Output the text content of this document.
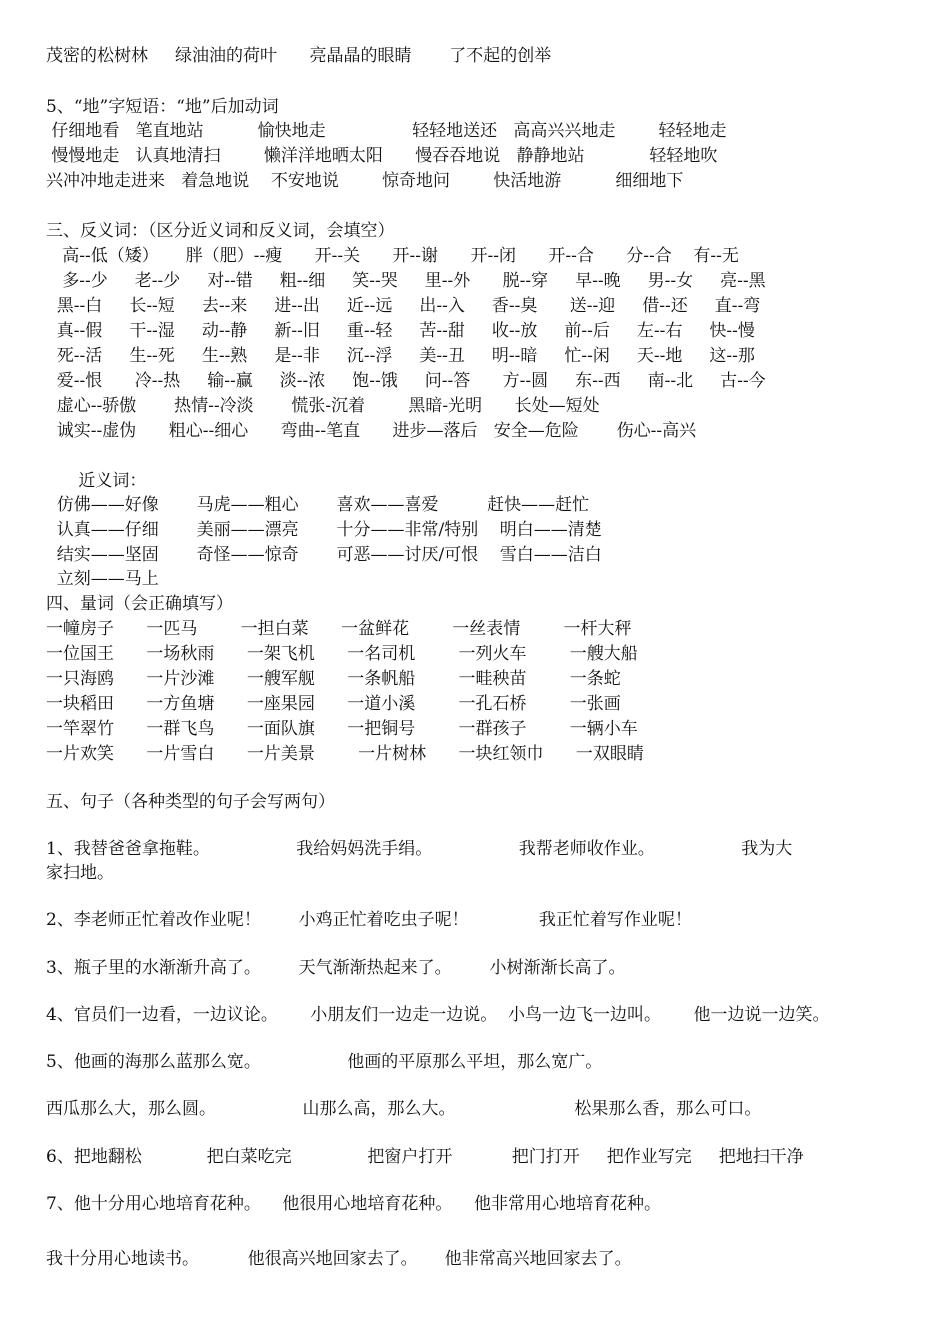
茂密的松树林     绿油油的荷叶      亮晶晶的眼睛       了不起的创举
5、“地”字短语：“地”后加动词
仔细地看   笔直地站          愉快地走                轻轻地送还   高高兴兴地走        轻轻地走
慢慢地走   认真地清扫        懒洋洋地晒太阳      慢吞吞地说   静静地站            轻轻地吹
兴冲冲地走进来   着急地说    不安地说        惊奇地问        快活地游          细细地下
三、反义词：（区分近义词和反义词，会填空）
高--低（矮）     胖（肥）--瘦      开--关      开--谢      开--闭      开--合      分--合    有--无
多--少     老--少     对--错     粗--细     笑--哭     里--外      脱--穿     早--晚     男--女     亮--黑
黑--白     长--短     去--来     进--出     近--远     出--入     香--臭      送--迎     借--还     直--弯
真--假     干--湿     动--静     新--旧     重--轻     苦--甜     收--放     前--后     左--右     快--慢
死--活     生--死     生--熟     是--非     沉--浮     美--丑     明--暗     忙--闲     天--地     这--那
爱--恨      冷--热     输--赢     淡--浓     饱--饿     问--答      方--圆     东--西     南--北     古--今
虚心--骄傲       热情--冷淡       慌张-沉着        黑暗-光明      长处—短处
诚实--虚伪      粗心--细心      弯曲--笔直      进步—落后   安全—危险       伤心--高兴
近义词：
仿佛——好像       马虎——粗心       喜欢——喜爱         赶快——赶忙
认真——仔细       美丽——漂亮       十分——非常/特别    明白——清楚
结实——坚固       奇怪——惊奇       可恶——讨厌/可恨    雪白——洁白
立刻——马上
四、量词（会正确填写）
一幢房子      一匹马        一担白菜      一盆鲜花        一丝表情        一杆大秤
一位国王      一场秋雨      一架飞机      一名司机        一列火车        一艘大船
一只海鸥      一片沙滩      一艘军舰      一条帆船        一畦秧苗        一条蛇
一块稻田      一方鱼塘      一座果园      一道小溪        一孔石桥        一张画
一竿翠竹      一群飞鸟      一面队旗      一把铜号        一群孩子        一辆小车
一片欢笑      一片雪白      一片美景        一片树林      一块红领巾      一双眼睛
五、句子（各种类型的句子会写两句）
1、我替爸爸拿拖鞋。                我给妈妈洗手绢。                我帮老师收作业。                我为大
家扫地。
2、李老师正忙着改作业呢！       小鸡正忙着吃虫子呢！             我正忙着写作业呢！
3、瓶子里的水渐渐升高了。       天气渐渐热起来了。       小树渐渐长高了。
4、官员们一边看，一边议论。      小朋友们一边走一边说。  小鸟一边飞一边叫。      他一边说一边笑。
5、他画的海那么蓝那么宽。                他画的平原那么平坦，那么宽广。
西瓜那么大，那么圆。                山那么高，那么大。                      松果那么香，那么可口。
6、把地翻松            把白菜吃完              把窗户打开           把门打开     把作业写完     把地扫干净
7、他十分用心地培育花种。    他很用心地培育花种。    他非常用心地培育花种。
我十分用心地读书。         他很高兴地回家去了。     他非常高兴地回家去了。
